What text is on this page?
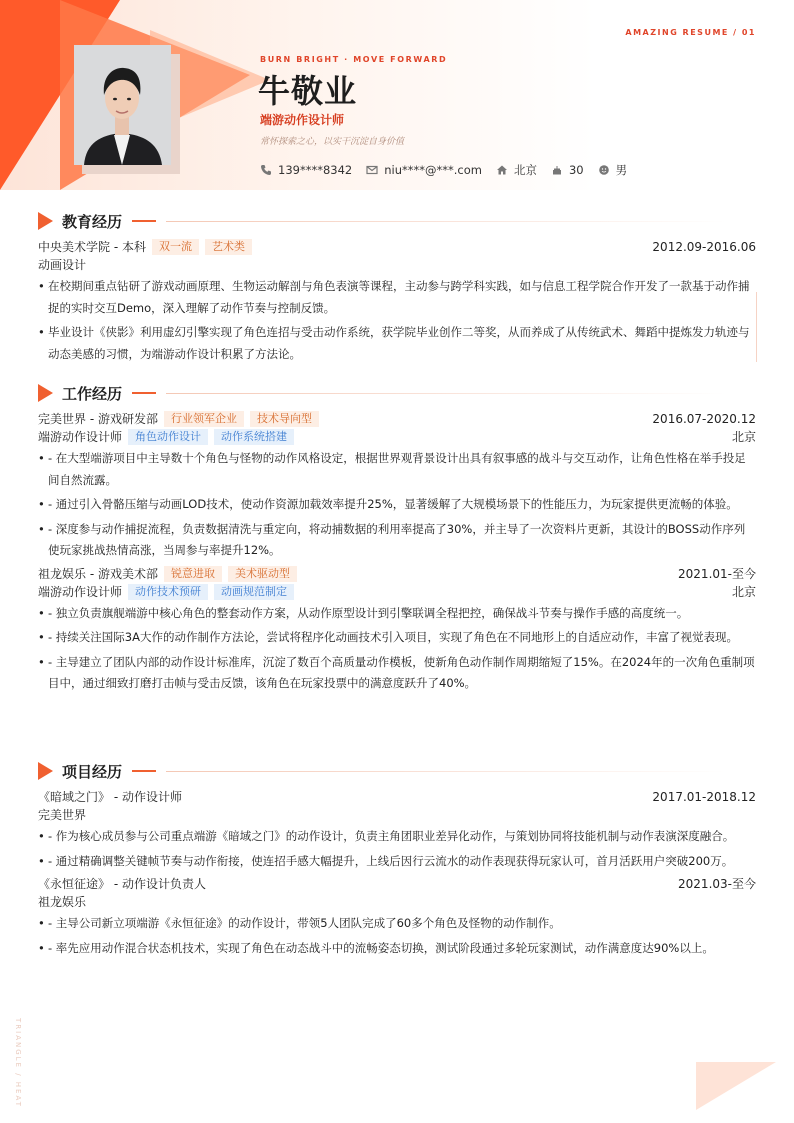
AMAZING RESUME / 01
BURN BRIGHT · MOVE FORWARD
牛敬业
端游动作设计师
常怀探索之心，以实干沉淀自身价值
139****8342	niu****@***.com	北京	30	男
教育经历
中央美术学院 - 本科	双一流	艺术类	2012.09-2016.06
动画设计
• 在校期间重点钻研了游戏动画原理、生物运动解剖与角色表演等课程，主动参与跨学科实践，如与信息工程学院合作开发了一款基于动作捕捉的实时交互Demo，深入理解了动作节奏与控制反馈。
• 毕业设计《侠影》利用虚幻引擎实现了角色连招与受击动作系统，获学院毕业创作二等奖，从而养成了从传统武术、舞蹈中提炼发力轨迹与动态美感的习惯，为端游动作设计积累了方法论。
工作经历
完美世界 - 游戏研发部	行业领军企业	技术导向型	2016.07-2020.12
端游动作设计师	角色动作设计	动作系统搭建	北京
• - 在大型端游项目中主导数十个角色与怪物的动作风格设定，根据世界观背景设计出具有叙事感的战斗与交互动作，让角色性格在举手投足间自然流露。
• - 通过引入骨骼压缩与动画LOD技术，使动作资源加载效率提升25%，显著缓解了大规模场景下的性能压力，为玩家提供更流畅的体验。
• - 深度参与动作捕捉流程，负责数据清洗与重定向，将动捕数据的利用率提高了30%，并主导了一次资料片更新，其设计的BOSS动作序列使玩家挑战热情高涨，当周参与率提升12%。
祖龙娱乐 - 游戏美术部	锐意进取	美术驱动型	2021.01-至今
端游动作设计师	动作技术预研	动画规范制定	北京
• - 独立负责旗舰端游中核心角色的整套动作方案，从动作原型设计到引擎联调全程把控，确保战斗节奏与操作手感的高度统一。
• - 持续关注国际3A大作的动作制作方法论，尝试将程序化动画技术引入项目，实现了角色在不同地形上的自适应动作，丰富了视觉表现。
• - 主导建立了团队内部的动作设计标准库，沉淀了数百个高质量动作模板，使新角色动作制作周期缩短了15%。在2024年的一次角色重制项目中，通过细致打磨打击帧与受击反馈，该角色在玩家投票中的满意度跃升了40%。
项目经历
《暗域之门》 - 动作设计师	2017.01-2018.12
完美世界
• - 作为核心成员参与公司重点端游《暗域之门》的动作设计，负责主角团职业差异化动作，与策划协同将技能机制与动作表演深度融合。
• - 通过精确调整关键帧节奏与动作衔接，使连招手感大幅提升，上线后因行云流水的动作表现获得玩家认可，首月活跃用户突破200万。
《永恒征途》 - 动作设计负责人	2021.03-至今
祖龙娱乐
• - 主导公司新立项端游《永恒征途》的动作设计，带领5人团队完成了60多个角色及怪物的动作制作。
• - 率先应用动作混合状态机技术，实现了角色在动态战斗中的流畅姿态切换，测试阶段通过多轮玩家测试，动作满意度达90%以上。
TRIANGLE / HEAT
